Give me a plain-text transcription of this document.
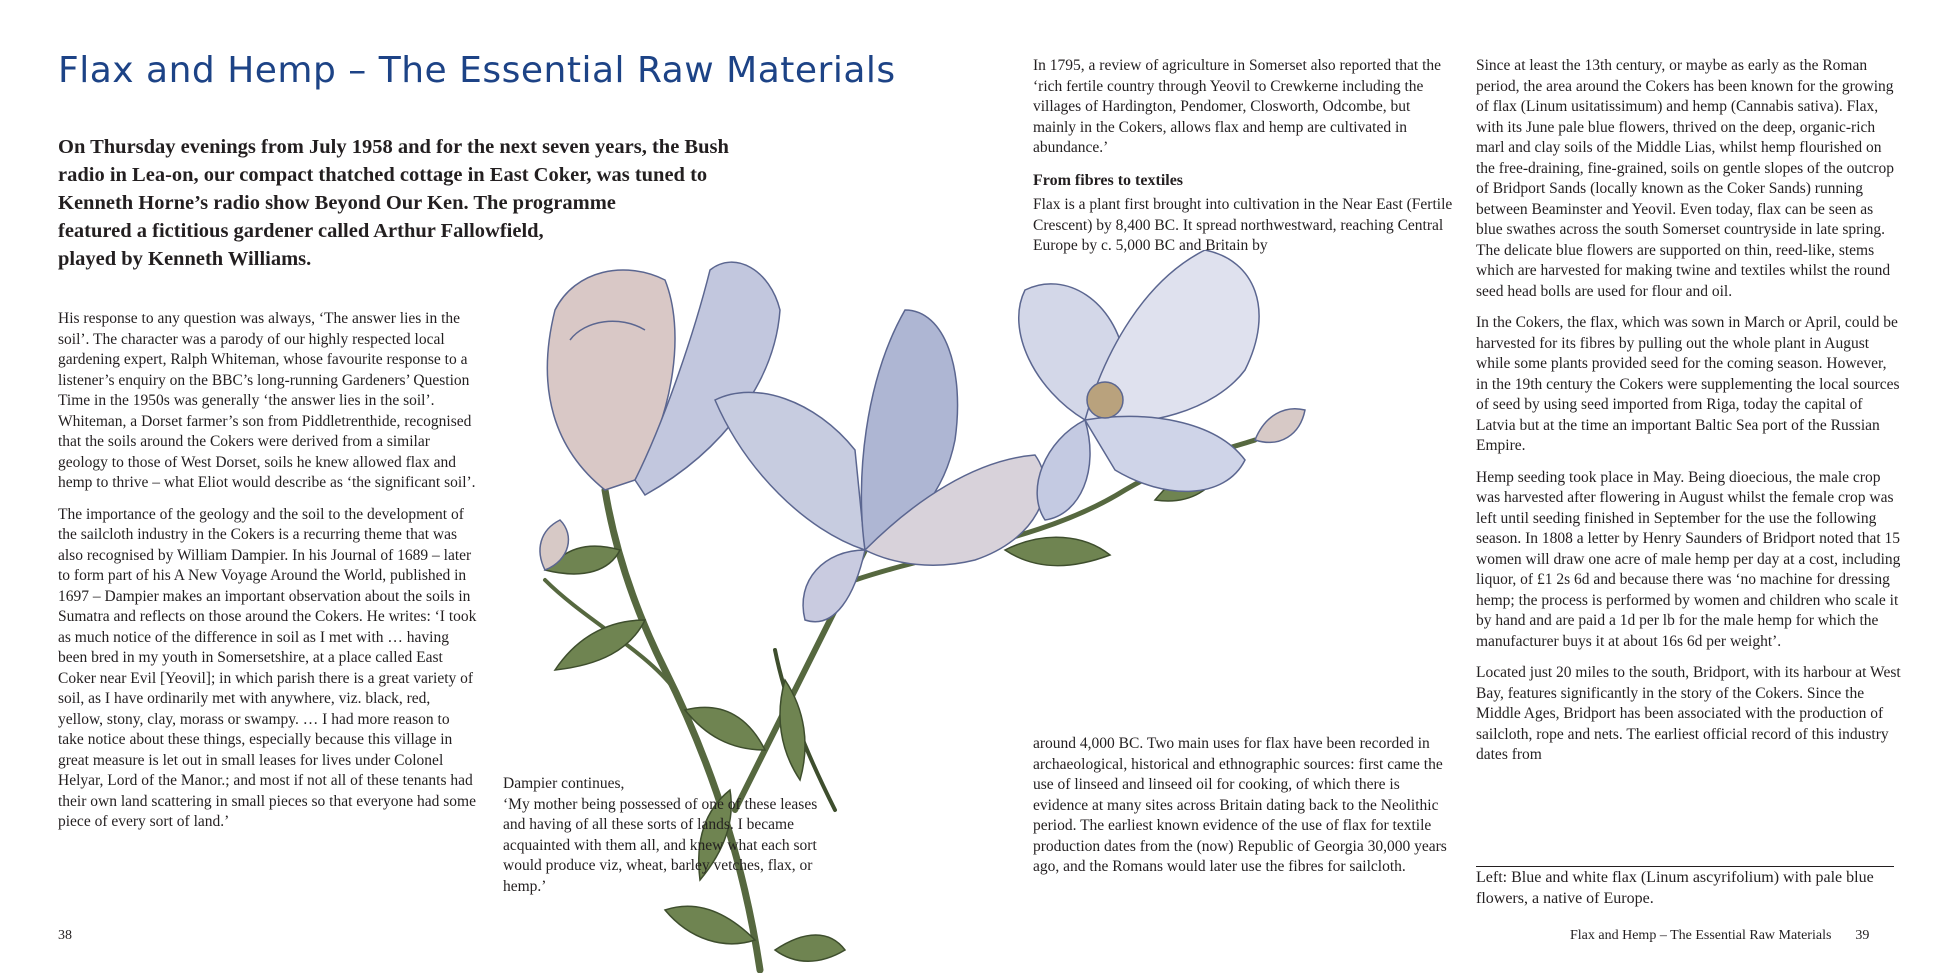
Flax and Hemp – The Essential Raw Materials
On Thursday evenings from July 1958 and for the next seven years, the Bush
radio in Lea-on, our compact thatched cottage in East Coker, was tuned to
Kenneth Horne’s radio show Beyond Our Ken. The programme
featured a fictitious gardener called Arthur Fallowfield,
played by Kenneth Williams.

His response to any question was always, ‘The answer lies in the soil’. The character was a parody of our highly respected local gardening expert, Ralph Whiteman, whose favourite response to a listener’s enquiry on the BBC’s long-running Gardeners’ Question Time in the 1950s was generally ‘the answer lies in the soil’. Whiteman, a Dorset farmer’s son from Piddletrenthide, recognised that the soils around the Cokers were derived from a similar geology to those of West Dorset, soils he knew allowed flax and hemp to thrive – what Eliot would describe as ‘the significant soil’.

The importance of the geology and the soil to the development of the sailcloth industry in the Cokers is a recurring theme that was also recognised by William Dampier. In his Journal of 1689 – later to form part of his A New Voyage Around the World, published in 1697 – Dampier makes an important observation about the soils in Sumatra and reflects on those around the Cokers. He writes: ‘I took as much notice of the difference in soil as I met with … having been bred in my youth in Somersetshire, at a place called East Coker near Evil [Yeovil]; in which parish there is a great variety of soil, as I have ordinarily met with anywhere, viz. black, red, yellow, stony, clay, morass or swampy. … I had more reason to take notice about these things, especially because this village in great measure is let out in small leases for lives under Colonel Helyar, Lord of the Manor.; and most if not all of these tenants had their own land scattering in small pieces so that everyone had some piece of every sort of land.’

Dampier continues,

‘My mother being possessed of one of these leases and having of all these sorts of lands. I became acquainted with them all, and knew what each sort would produce viz, wheat, barley vetches, flax, or hemp.’

In 1795, a review of agriculture in Somerset also reported that the ‘rich fertile country through Yeovil to Crewkerne including the villages of Hardington, Pendomer, Closworth, Odcombe, but mainly in the Cokers, allows flax and hemp are cultivated in abundance.’

From fibres to textiles

Flax is a plant first brought into cultivation in the Near East (Fertile Crescent) by 8,400 BC. It spread northwestward, reaching Central Europe by c. 5,000 BC and Britain by

around 4,000 BC. Two main uses for flax have been recorded in archaeological, historical and ethnographic sources: first came the use of linseed and linseed oil for cooking, of which there is evidence at many sites across Britain dating back to the Neolithic period. The earliest known evidence of the use of flax for textile production dates from the (now) Republic of Georgia 30,000 years ago, and the Romans would later use the fibres for sailcloth.

Since at least the 13th century, or maybe as early as the Roman period, the area around the Cokers has been known for the growing of flax (Linum usitatissimum) and hemp (Cannabis sativa). Flax, with its June pale blue flowers, thrived on the deep, organic-rich marl and clay soils of the Middle Lias, whilst hemp flourished on the free-draining, fine-grained, soils on gentle slopes of the outcrop of Bridport Sands (locally known as the Coker Sands) running between Beaminster and Yeovil. Even today, flax can be seen as blue swathes across the south Somerset countryside in late spring. The delicate blue flowers are supported on thin, reed-like, stems which are harvested for making twine and textiles whilst the round seed head bolls are used for flour and oil.

In the Cokers, the flax, which was sown in March or April, could be harvested for its fibres by pulling out the whole plant in August while some plants provided seed for the coming season. However, in the 19th century the Cokers were supplementing the local sources of seed by using seed imported from Riga, today the capital of Latvia but at the time an important Baltic Sea port of the Russian Empire.

Hemp seeding took place in May. Being dioecious, the male crop was harvested after flowering in August whilst the female crop was left until seeding finished in September for the use the following season. In 1808 a letter by Henry Saunders of Bridport noted that 15 women will draw one acre of male hemp per day at a cost, including liquor, of £1 2s 6d and because there was ‘no machine for dressing hemp; the process is performed by women and children who scale it by hand and are paid a 1d per lb for the male hemp for which the manufacturer buys it at about 16s 6d per weight’.

Located just 20 miles to the south, Bridport, with its harbour at West Bay, features significantly in the story of the Cokers. Since the Middle Ages, Bridport has been associated with the production of sailcloth, rope and nets. The earliest official record of this industry dates from

Left: Blue and white flax (Linum ascyrifolium) with pale blue flowers, a native of Europe.
38	Flax and Hemp – The Essential Raw Materials 39
